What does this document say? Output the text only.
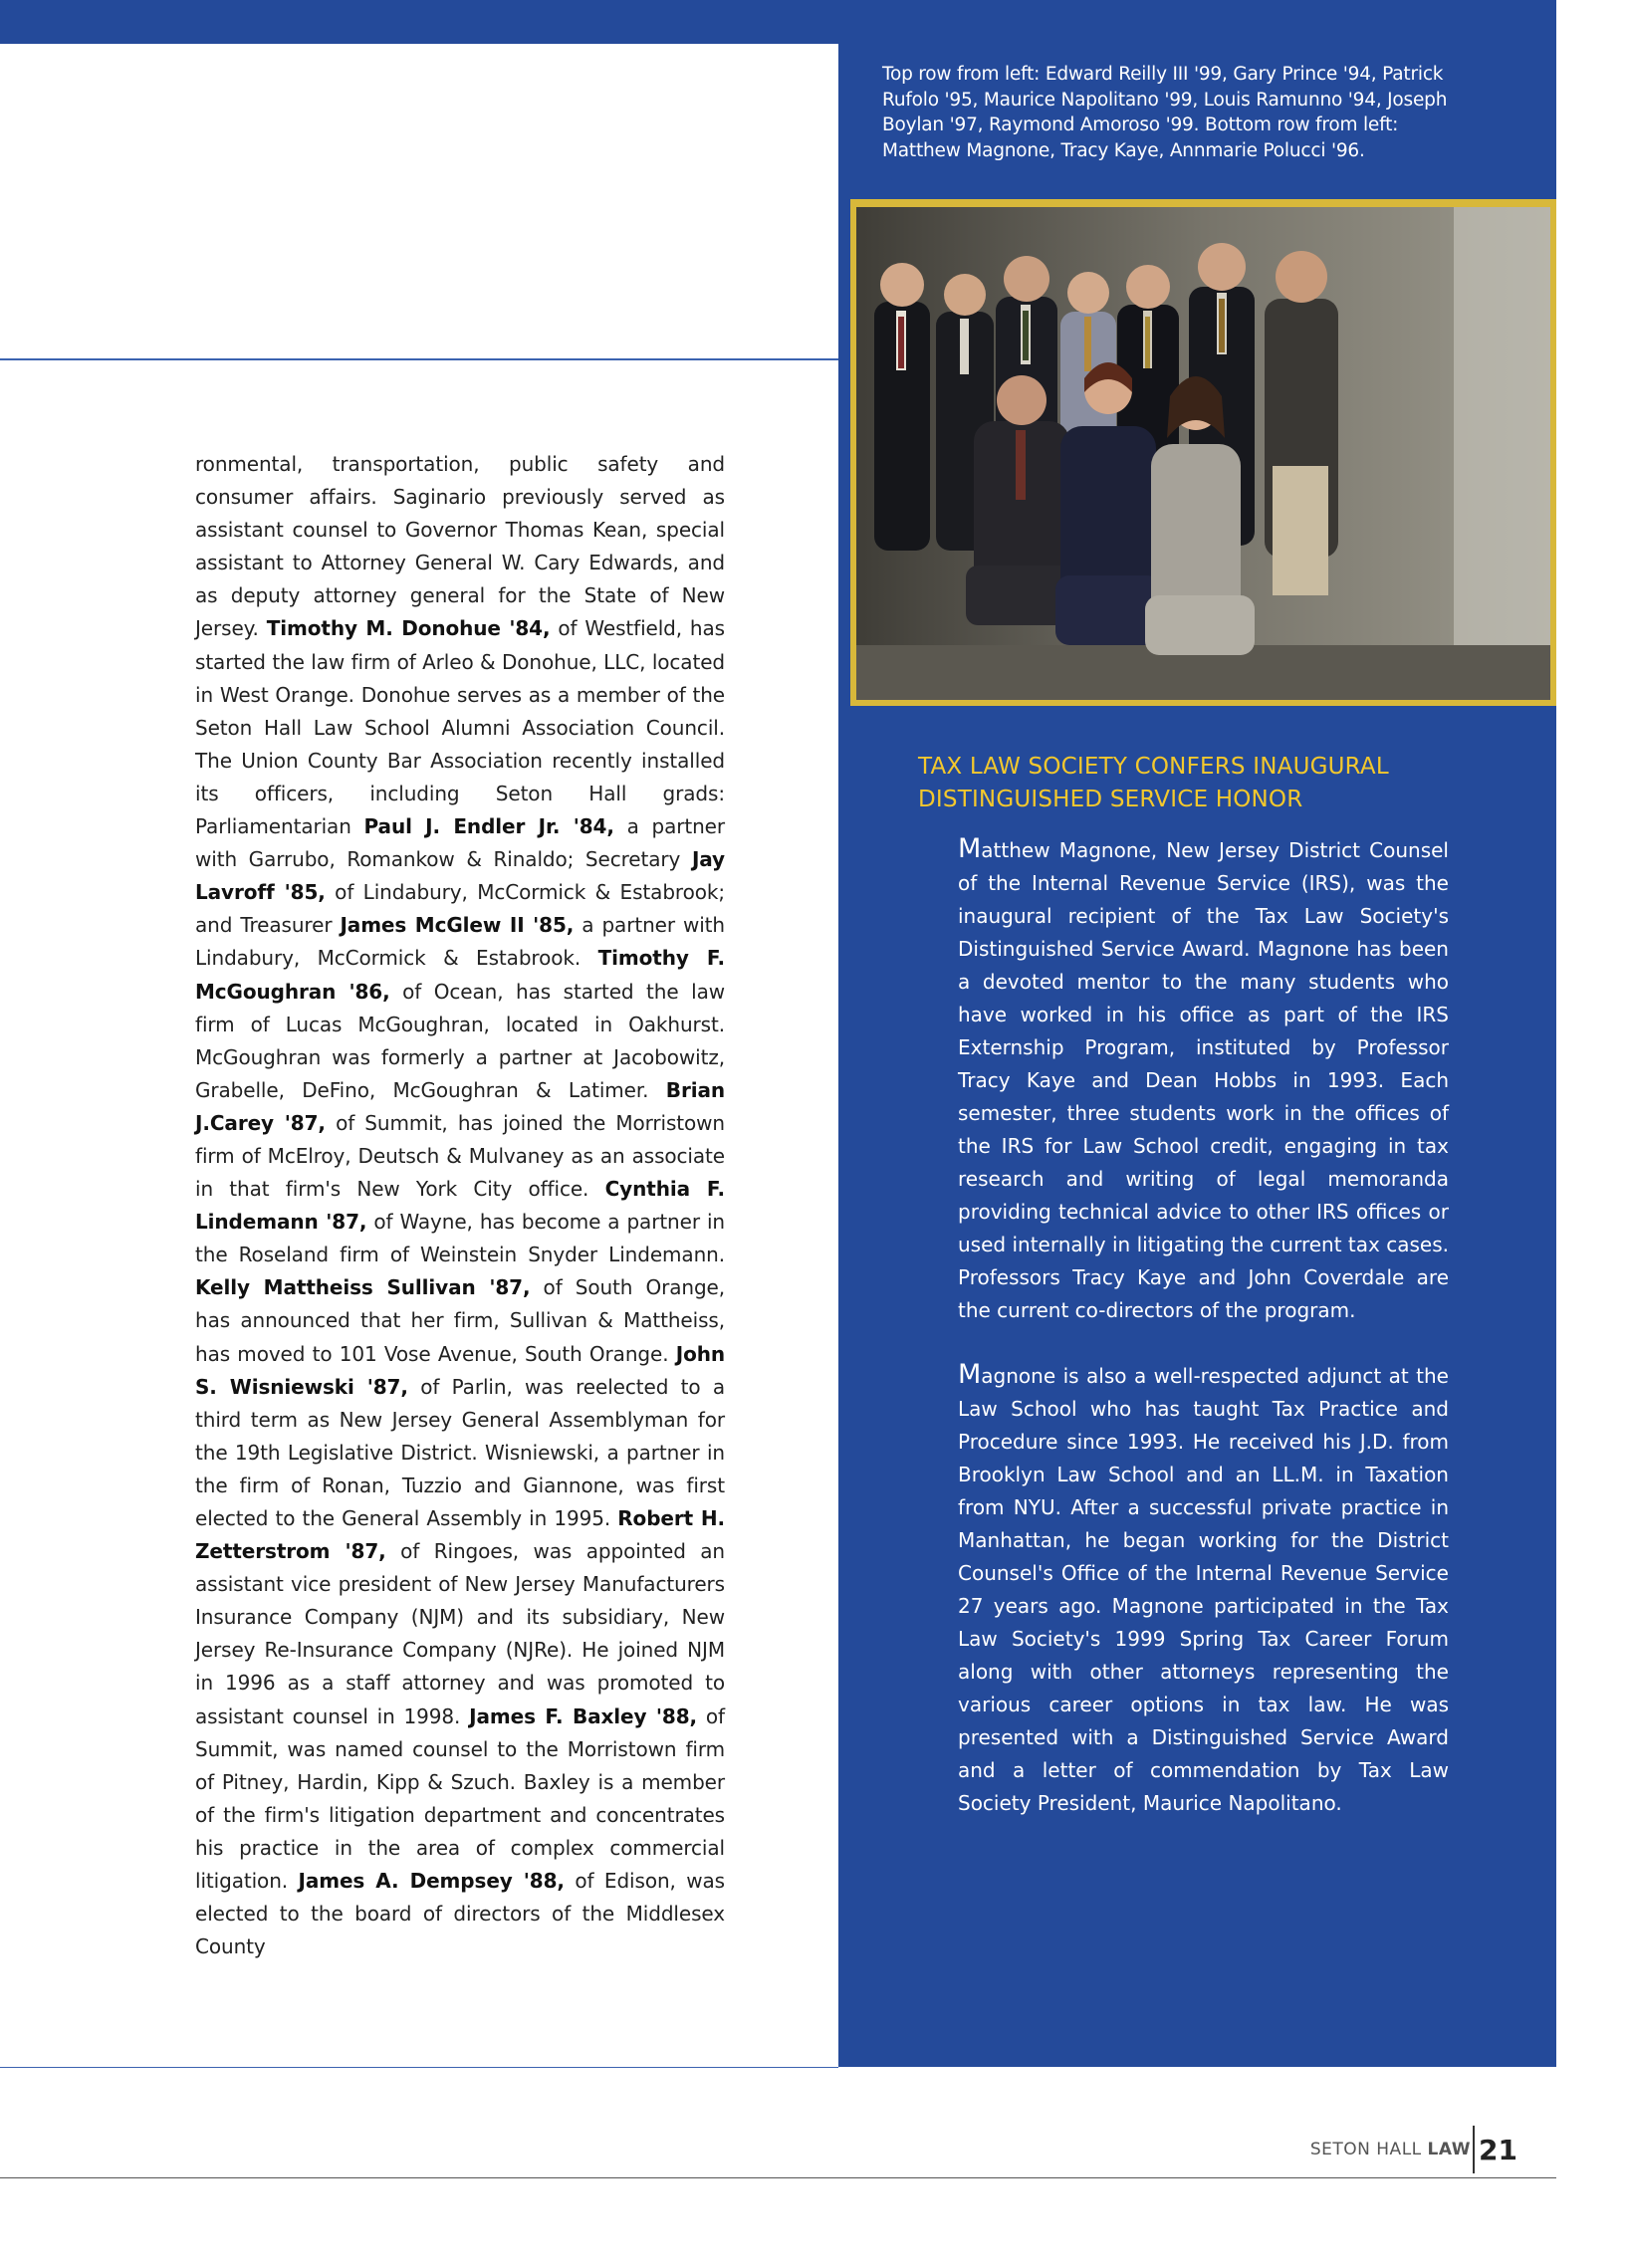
Top row from left: Edward Reilly III '99, Gary Prince '94, Patrick Rufolo '95, Maurice Napolitano '99, Louis Ramunno '94, Joseph Boylan '97, Raymond Amoroso '99. Bottom row from left: Matthew Magnone, Tracy Kaye, Annmarie Polucci '96.
TAX LAW SOCIETY CONFERS INAUGURAL
DISTINGUISHED SERVICE HONOR

Matthew Magnone, New Jersey District Counsel of the Internal Revenue Service (IRS), was the inaugural recipient of the Tax Law Society's Distinguished Service Award. Magnone has been a devoted mentor to the many students who have worked in his office as part of the IRS Externship Program, instituted by Professor Tracy Kaye and Dean Hobbs in 1993. Each semester, three students work in the offices of the IRS for Law School credit, engaging in tax research and writing of legal memoranda providing technical advice to other IRS offices or used internally in litigating the current tax cases. Professors Tracy Kaye and John Coverdale are the current co-directors of the program.

Magnone is also a well-respected adjunct at the Law School who has taught Tax Practice and Procedure since 1993. He received his J.D. from Brooklyn Law School and an LL.M. in Taxation from NYU. After a successful private practice in Manhattan, he began working for the District Counsel's Office of the Internal Revenue Service 27 years ago. Magnone participated in the Tax Law Society's 1999 Spring Tax Career Forum along with other attorneys representing the various career options in tax law. He was presented with a Distinguished Service Award and a letter of commendation by Tax Law Society President, Maurice Napolitano.

ronmental, transportation, public safety and consumer affairs. Saginario previously served as assistant counsel to Governor Thomas Kean, special assistant to Attorney General W. Cary Edwards, and as deputy attorney general for the State of New Jersey. Timothy M. Donohue '84, of Westfield, has started the law firm of Arleo & Donohue, LLC, located in West Orange. Donohue serves as a member of the Seton Hall Law School Alumni Association Council. The Union County Bar Association recently installed its officers, including Seton Hall grads: Parliamentarian Paul J. Endler Jr. '84, a partner with Garrubo, Romankow & Rinaldo; Secretary Jay Lavroff '85, of Lindabury, McCormick & Estabrook; and Treasurer James McGlew II '85, a partner with Lindabury, McCormick & Estabrook. Timothy F. McGoughran '86, of Ocean, has started the law firm of Lucas McGoughran, located in Oakhurst. McGoughran was formerly a partner at Jacobowitz, Grabelle, DeFino, McGoughran & Latimer. Brian J.Carey '87, of Summit, has joined the Morristown firm of McElroy, Deutsch & Mulvaney as an associate in that firm's New York City office. Cynthia F. Lindemann '87, of Wayne, has become a partner in the Roseland firm of Weinstein Snyder Lindemann. Kelly Mattheiss Sullivan '87, of South Orange, has announced that her firm, Sullivan & Mattheiss, has moved to 101 Vose Avenue, South Orange. John S. Wisniewski '87, of Parlin, was reelected to a third term as New Jersey General Assemblyman for the 19th Legislative District. Wisniewski, a partner in the firm of Ronan, Tuzzio and Giannone, was first elected to the General Assembly in 1995. Robert H. Zetterstrom '87, of Ringoes, was appointed an assistant vice president of New Jersey Manufacturers Insurance Company (NJM) and its subsidiary, New Jersey Re-Insurance Company (NJRe). He joined NJM in 1996 as a staff attorney and was promoted to assistant counsel in 1998. James F. Baxley '88, of Summit, was named counsel to the Morristown firm of Pitney, Hardin, Kipp & Szuch. Baxley is a member of the firm's litigation department and concentrates his practice in the area of complex commercial litigation. James A. Dempsey '88, of Edison, was elected to the board of directors of the Middlesex County

SETON HALL LAW 21
